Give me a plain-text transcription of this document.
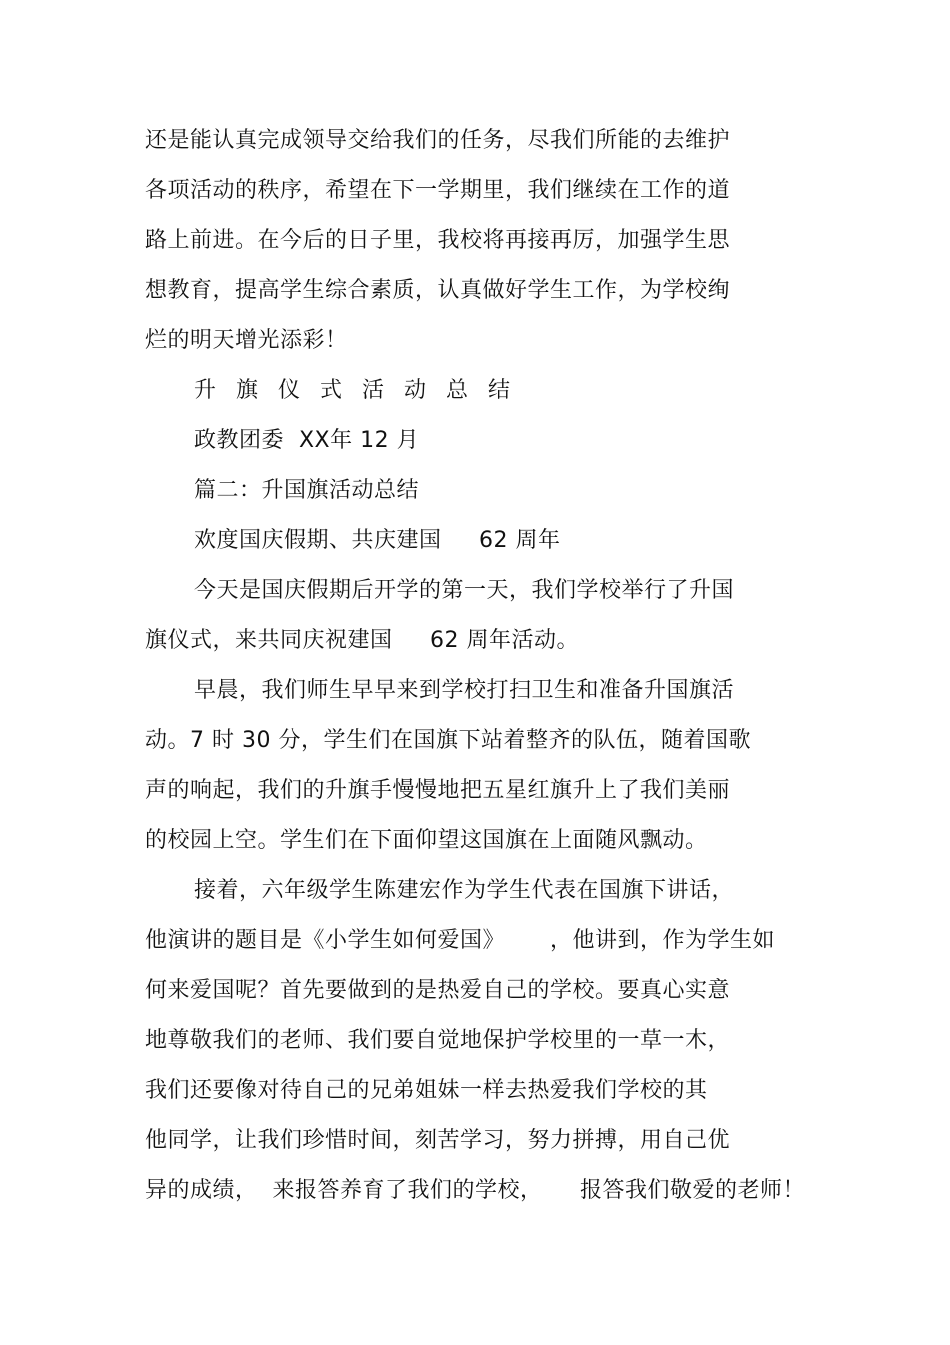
还是能认真完成领导交给我们的任务，尽我们所能的去维护
各项活动的秩序，希望在下一学期里，我们继续在工作的道
路上前进。在今后的日子里，我校将再接再厉，加强学生思
想教育，提高学生综合素质，认真做好学生工作，为学校绚
烂的明天增光添彩！
升旗仪式活动总结
政教团委  XX年 12 月
篇二：升国旗活动总结
欢度国庆假期、共庆建国     62 周年
今天是国庆假期后开学的第一天，我们学校举行了升国
旗仪式，来共同庆祝建国     62 周年活动。
早晨，我们师生早早来到学校打扫卫生和准备升国旗活
动。7 时 30 分，学生们在国旗下站着整齐的队伍，随着国歌
声的响起，我们的升旗手慢慢地把五星红旗升上了我们美丽
的校园上空。学生们在下面仰望这国旗在上面随风飘动。
接着，六年级学生陈建宏作为学生代表在国旗下讲话，
他演讲的题目是《小学生如何爱国》      ，他讲到，作为学生如
何来爱国呢？首先要做到的是热爱自己的学校。要真心实意
地尊敬我们的老师、我们要自觉地保护学校里的一草一木，
我们还要像对待自己的兄弟姐妹一样去热爱我们学校的其
他同学，让我们珍惜时间，刻苦学习，努力拼搏，用自己优
异的成绩，  来报答养育了我们的学校，     报答我们敬爱的老师！
